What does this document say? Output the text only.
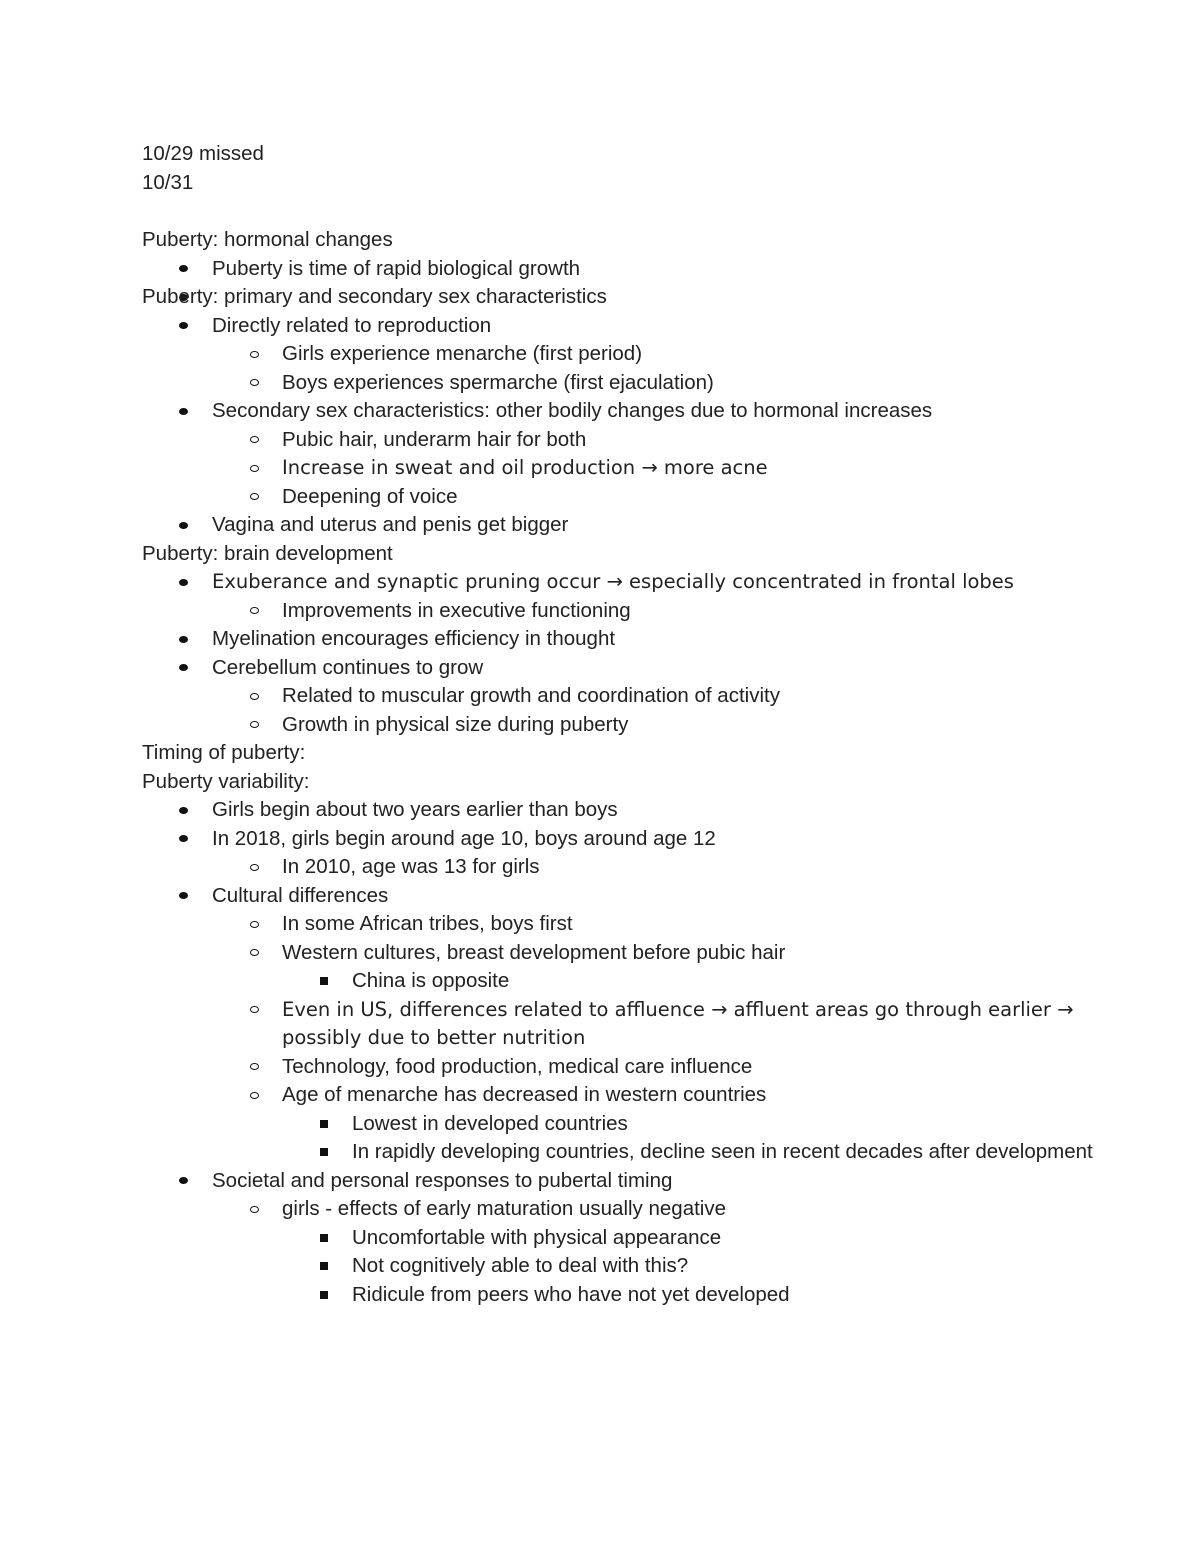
10/29 missed
10/31
Puberty: hormonal changes
Puberty is time of rapid biological growth
Puberty: primary and secondary sex characteristics
Directly related to reproduction
Girls experience menarche (first period)
Boys experiences spermarche (first ejaculation)
Secondary sex characteristics: other bodily changes due to hormonal increases
Pubic hair, underarm hair for both
Increase in sweat and oil production → more acne
Deepening of voice
Vagina and uterus and penis get bigger
Puberty: brain development
Exuberance and synaptic pruning occur → especially concentrated in frontal lobes
Improvements in executive functioning
Myelination encourages efficiency in thought
Cerebellum continues to grow
Related to muscular growth and coordination of activity
Growth in physical size during puberty
Timing of puberty:
Puberty variability:
Girls begin about two years earlier than boys
In 2018, girls begin around age 10, boys around age 12
In 2010, age was 13 for girls
Cultural differences
In some African tribes, boys first
Western cultures, breast development before pubic hair
China is opposite
Even in US, differences related to affluence → affluent areas go through earlier → possibly due to better nutrition
Technology, food production, medical care influence
Age of menarche has decreased in western countries
Lowest in developed countries
In rapidly developing countries, decline seen in recent decades after development
Societal and personal responses to pubertal timing
girls - effects of early maturation usually negative
Uncomfortable with physical appearance
Not cognitively able to deal with this?
Ridicule from peers who have not yet developed
